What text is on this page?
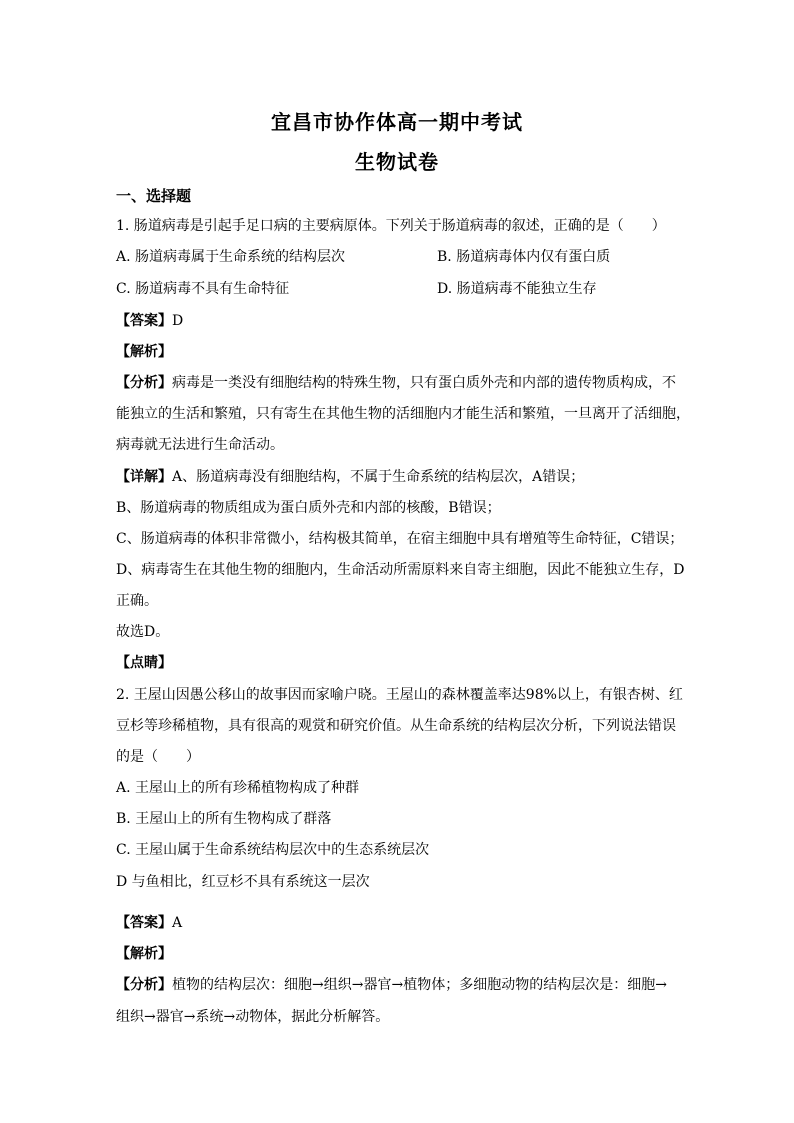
宜昌市协作体高一期中考试
生物试卷
一、选择题
1. 肠道病毒是引起手足口病的主要病原体。下列关于肠道病毒的叙述，正确的是（　　）
A. 肠道病毒属于生命系统的结构层次	B. 肠道病毒体内仅有蛋白质
C. 肠道病毒不具有生命特征	D. 肠道病毒不能独立生存
【答案】D
【解析】
【分析】病毒是一类没有细胞结构的特殊生物，只有蛋白质外壳和内部的遗传物质构成，不
能独立的生活和繁殖，只有寄生在其他生物的活细胞内才能生活和繁殖，一旦离开了活细胞，
病毒就无法进行生命活动。
【详解】A、肠道病毒没有细胞结构，不属于生命系统的结构层次，A错误；
B、肠道病毒的物质组成为蛋白质外壳和内部的核酸，B错误；
C、肠道病毒的体积非常微小，结构极其简单，在宿主细胞中具有增殖等生命特征，C错误；
D、病毒寄生在其他生物的细胞内，生命活动所需原料来自寄主细胞，因此不能独立生存，D
正确。
故选D。
【点睛】
2. 王屋山因愚公移山的故事因而家喻户晓。王屋山的森林覆盖率达98%以上，有银杏树、红
豆杉等珍稀植物，具有很高的观赏和研究价值。从生命系统的结构层次分析，下列说法错误
的是（　　）
A. 王屋山上的所有珍稀植物构成了种群
B. 王屋山上的所有生物构成了群落
C. 王屋山属于生命系统结构层次中的生态系统层次
D 与鱼相比，红豆杉不具有系统这一层次
【答案】A
【解析】
【分析】植物的结构层次：细胞→组织→器官→植物体；多细胞动物的结构层次是：细胞→
组织→器官→系统→动物体，据此分析解答。
